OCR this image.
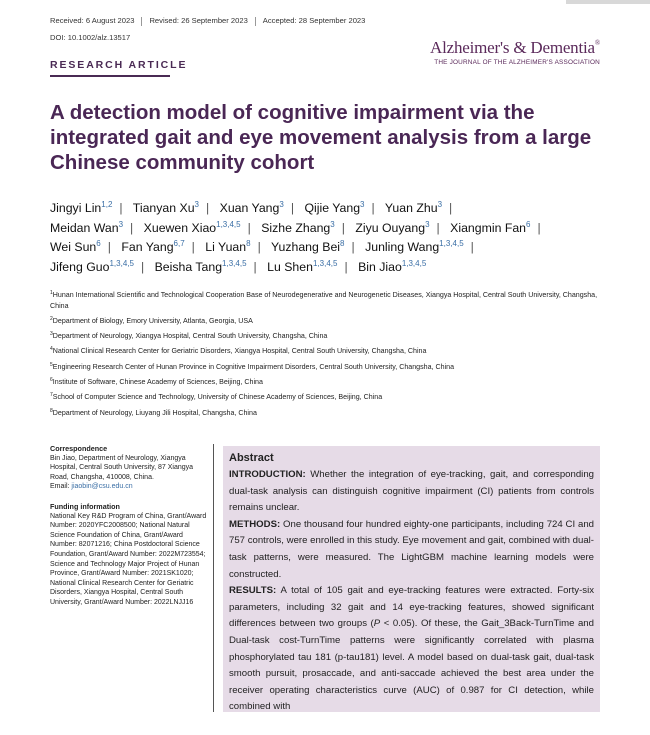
Received: 6 August 2023 Revised: 26 September 2023 Accepted: 28 September 2023
DOI: 10.1002/alz.13517
Alzheimer's & Dementia®
THE JOURNAL OF THE ALZHEIMER'S ASSOCIATION
RESEARCH ARTICLE
A detection model of cognitive impairment via the integrated gait and eye movement analysis from a large Chinese community cohort
Jingyi Lin$^{1,2}$ | Tianyan Xu$^3$ | Xuan Yang$^3$ | Qijie Yang$^3$ | Yuan Zhu$^3$ |
Meidan Wan$^3$ | Xuewen Xiao$^{1,3,4,5}$ | Sizhe Zhang$^3$ | Ziyu Ouyang$^3$ | Xiangmin Fan$^6$ |
Wei Sun$^6$ | Fan Yang$^{6,7}$ | Li Yuan$^8$ | Yuzhang Bei$^8$ | Junling Wang$^{1,3,4,5}$ |
Jifeng Guo$^{1,3,4,5}$ | Beisha Tang$^{1,3,4,5}$ | Lu Shen$^{1,3,4,5}$ | Bin Jiao$^{1,3,4,5}$
$^1$Hunan International Scientific and Technological Cooperation Base of Neurodegenerative and Neurogenetic Diseases, Xiangya Hospital, Central South University, Changsha, China
$^2$Department of Biology, Emory University, Atlanta, Georgia, USA
$^3$Department of Neurology, Xiangya Hospital, Central South University, Changsha, China
$^4$National Clinical Research Center for Geriatric Disorders, Xiangya Hospital, Central South University, Changsha, China
$^5$Engineering Research Center of Hunan Province in Cognitive Impairment Disorders, Central South University, Changsha, China
$^6$Institute of Software, Chinese Academy of Sciences, Beijing, China
$^7$School of Computer Science and Technology, University of Chinese Academy of Sciences, Beijing, China
$^8$Department of Neurology, Liuyang Jili Hospital, Changsha, China
Correspondence
Bin Jiao, Department of Neurology, Xiangya Hospital, Central South University, 87 Xiangya Road, Changsha, 410008, China.
Email: jiaobin@csu.edu.cn
Funding information
National Key R&D Program of China, Grant/Award Number: 2020YFC2008500; National Natural Science Foundation of China, Grant/Award Number: 82071216; China Postdoctoral Science Foundation, Grant/Award Number: 2022M723554; Science and Technology Major Project of Hunan Province, Grant/Award Number: 2021SK1020; National Clinical Research Center for Geriatric Disorders, Xiangya Hospital, Central South University, Grant/Award Number: 2022LNJJ16
Abstract

INTRODUCTION: Whether the integration of eye-tracking, gait, and corresponding dual-task analysis can distinguish cognitive impairment (CI) patients from controls remains unclear.

METHODS: One thousand four hundred eighty-one participants, including 724 CI and 757 controls, were enrolled in this study. Eye movement and gait, combined with dual-task patterns, were measured. The LightGBM machine learning models were constructed.

RESULTS: A total of 105 gait and eye-tracking features were extracted. Forty-six parameters, including 32 gait and 14 eye-tracking features, showed significant differences between two groups (P < 0.05). Of these, the Gait_3Back-TurnTime and Dual-task cost-TurnTime patterns were significantly correlated with plasma phosphorylated tau 181 (p-tau181) level. A model based on dual-task gait, dual-task smooth pursuit, prosaccade, and anti-saccade achieved the best area under the receiver operating characteristics curve (AUC) of 0.987 for CI detection, while combined with
